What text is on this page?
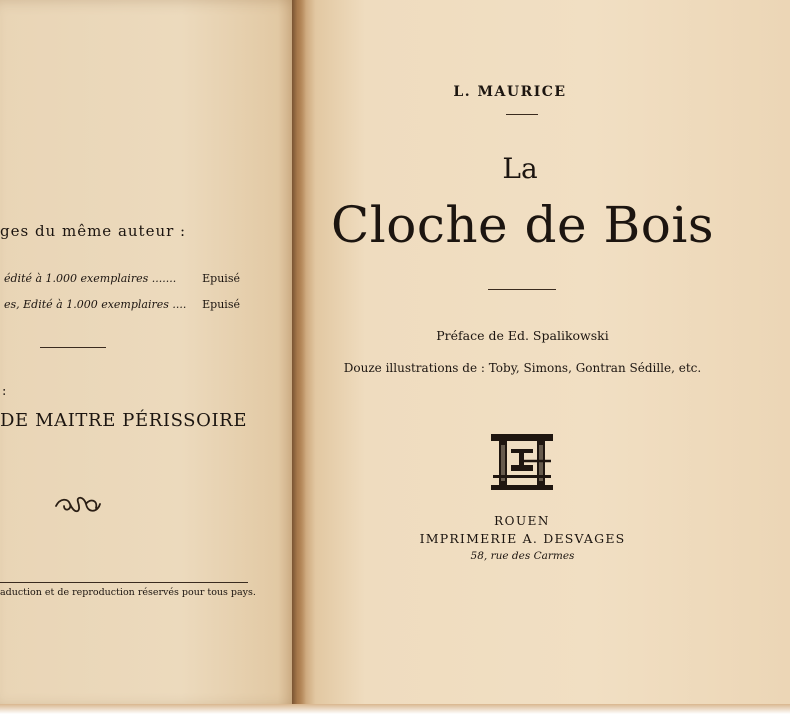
ges du même auteur :
édité à 1.000 exemplaires ....... Epuisé
es, Edité à 1.000 exemplaires .... Epuisé
:
DE MAITRE PÉRISSOIRE
aduction et de reproduction réservés pour tous pays.
L. MAURICE
La
Cloche de Bois
Préface de Ed. Spalikowski
Douze illustrations de : Toby, Simons, Gontran Sédille, etc.
ROUEN
IMPRIMERIE A. DESVAGES
58, rue des Carmes
